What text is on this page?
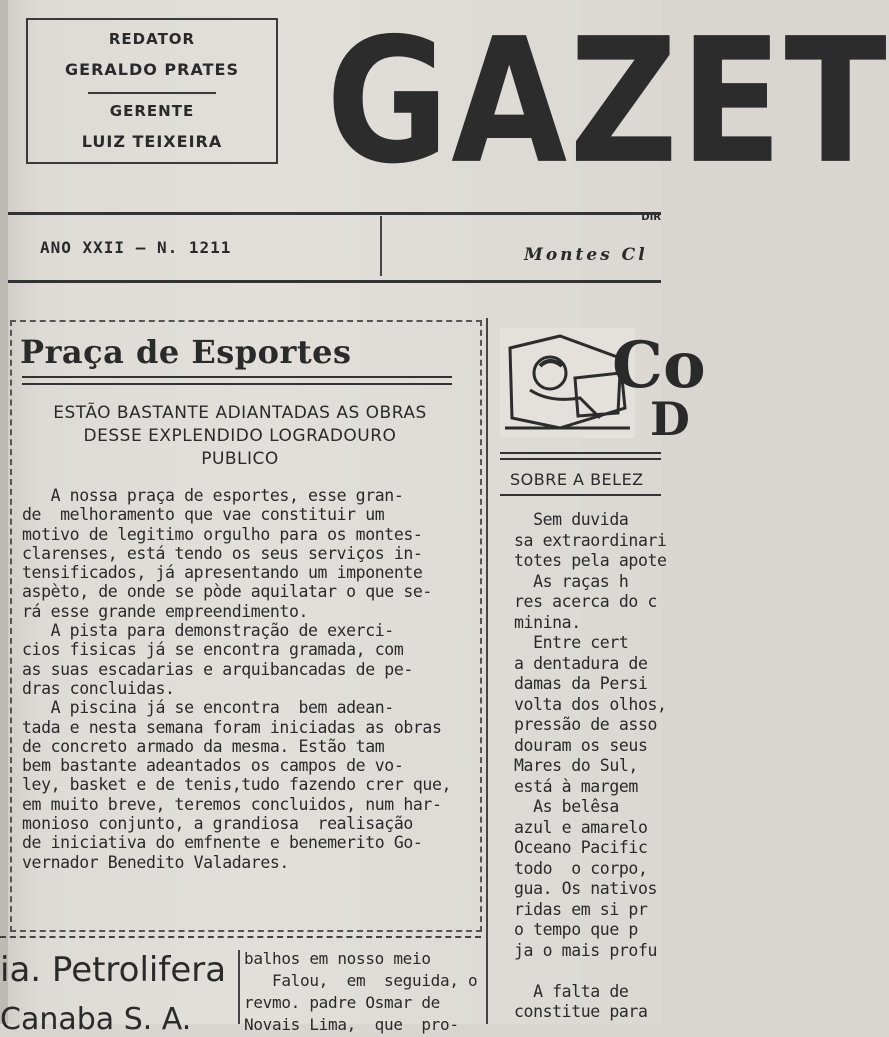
REDATOR
GERALDO PRATES
GERENTE
LUIZ TEIXEIRA GAZET
DIR
ANO XXII — N. 1211	Montes Cl
Praça de Esportes
ESTÃO BASTANTE ADIANTADAS AS OBRAS
DESSE EXPLENDIDO LOGRADOURO
PUBLICO
A nossa praça de esportes, esse gran-
de  melhoramento que vae constituir um
motivo de legitimo orgulho para os montes-
clarenses, está tendo os seus serviços in-
tensificados, já apresentando um imponente
aspèto, de onde se pòde aquilatar o que se-
rá esse grande empreendimento.
A pista para demonstração de exerci-
cios fisicas já se encontra gramada, com
as suas escadarias e arquibancadas de pe-
dras concluidas.
A piscina já se encontra  bem adean-
tada e nesta semana foram iniciadas as obras
de concreto armado da mesma. Estão tam
bem bastante adeantados os campos de vo-
ley, basket e de tenis,tudo fazendo crer que,
em muito breve, teremos concluidos, num har-
monioso conjunto, a grandiosa  realisação
de iniciativa do emfnente e benemerito Go-
vernador Benedito Valadares.
Co
D
SOBRE A BELEZ
Sem duvida
sa extraordinari
totes pela apote
As raças h
res acerca do c
minina.
Entre cert
a dentadura de
damas da Persi
volta dos olhos,
pressão de asso
douram os seus
Mares do Sul,
está à margem
As belêsa
azul e amarelo
Oceano Pacific
todo  o corpo,
gua. Os nativos
ridas em si pr
o tempo que p
ja o mais profu

A falta de
constitue para
ia. Petrolifera
Canaba S. A.
balhos em nosso meio
Falou,  em  seguida, o
revmo. padre Osmar de
Novais Lima,  que  pro-
